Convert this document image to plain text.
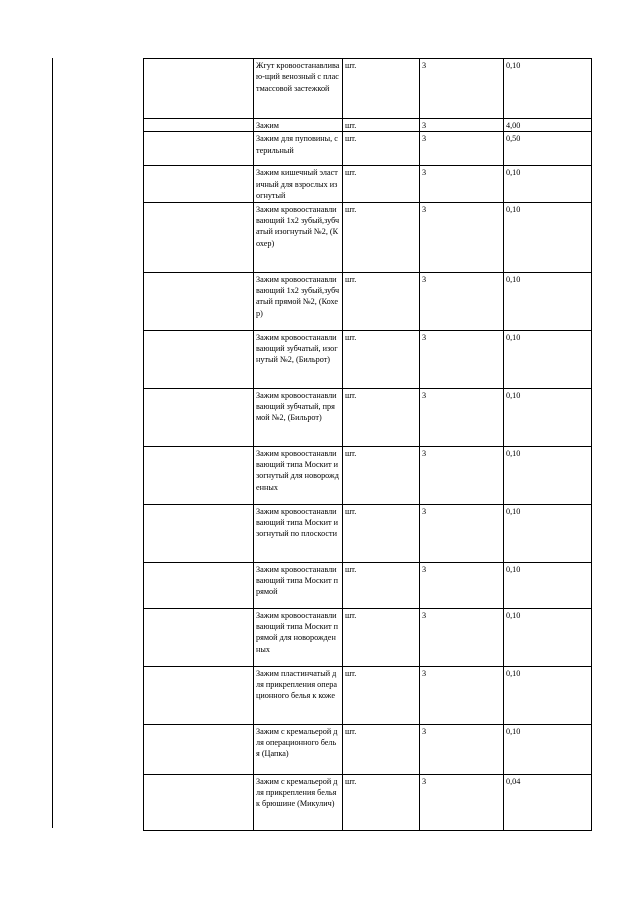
	Жгут кровоостанавливаю-щий венозный с пластмассовой застежкой	шт.	3	0,10
	Зажим	шт.	3	4,00
	Зажим для пуповины, стерильный	шт.	3	0,50
	Зажим кишечный эластичный для взрослых изогнутый	шт.	3	0,10
	Зажим кровоостанавливающий 1х2 зубый,зубчатый изогнутый №2, (Кохер)	шт.	3	0,10
	Зажим кровоостанавливающий 1х2 зубый,зубчатый прямой №2, (Кохер)	шт.	3	0,10
	Зажим кровоостанавливающий зубчатый, изогнутый №2, (Бильрот)	шт.	3	0,10
	Зажим кровоостанавливающий зубчатый, прямой №2, (Бильрот)	шт.	3	0,10
	Зажим кровоостанавливающий типа Москит изогнутый для новорожденных	шт.	3	0,10
	Зажим кровоостанавливающий типа Москит изогнутый по плоскости	шт.	3	0,10
	Зажим кровоостанавливающий типа Москит прямой	шт.	3	0,10
	Зажим кровоостанавливающий типа Москит прямой для новорожденных	шт.	3	0,10
	Зажим пластинчатый для прикрепления операционного белья к коже	шт.	3	0,10
	Зажим с кремальерой для операционного белья (Цапка)	шт.	3	0,10
	Зажим с кремальерой для прикрепления белья к брюшине (Микулич)	шт.	3	0,04
